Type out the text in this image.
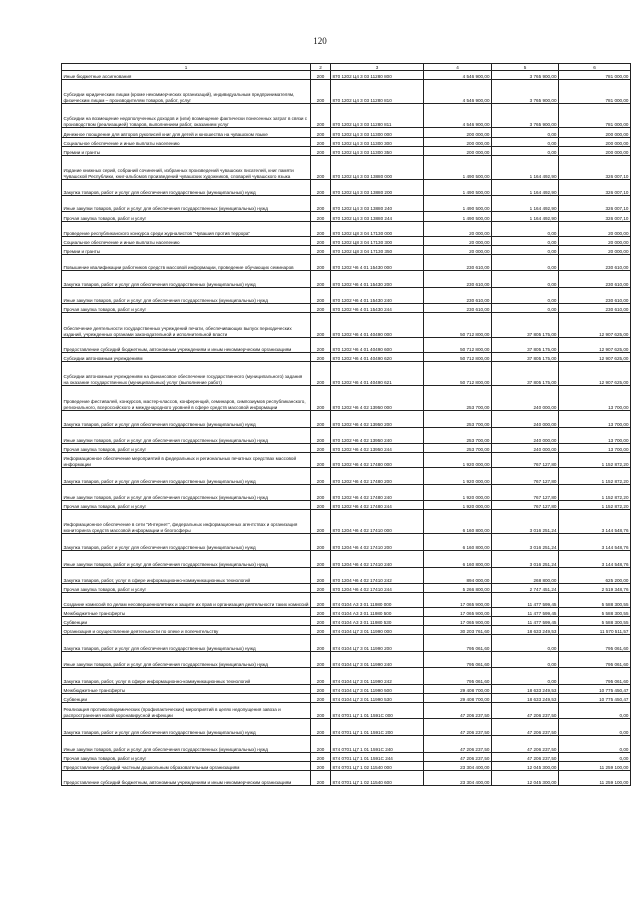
120
1	2	3	4	5	6
Иные бюджетные ассигнования	200	870 1202 Ц4 3 03 11280 800	4 546 900,00	3 765 900,00	781 000,00
Субсидии юридическим лицам (кроме некоммерческих организаций), индивидуальным предпринимателям, физическим лицам – производителям товаров, работ, услуг	200	870 1202 Ц4 3 03 11280 810	4 546 900,00	3 765 900,00	781 000,00
Субсидии на возмещение недополученных доходов и (или) возмещение фактически понесенных затрат в связи с производством (реализацией) товаров, выполнением работ, оказанием услуг	200	870 1202 Ц4 3 03 11280 811	4 546 900,00	3 765 900,00	781 000,00
Денежное поощрение для авторов рукописей книг для детей и юношества на чувашском языке	200	870 1202 Ц4 3 03 11300 000	200 000,00	0,00	200 000,00
Социальное обеспечение и иные выплаты населению	200	870 1202 Ц4 3 03 11300 300	200 000,00	0,00	200 000,00
Премии и гранты	200	870 1202 Ц4 3 03 11300 350	200 000,00	0,00	200 000,00
Издание книжных серий, собраний сочинений, избранных произведений чувашских писателей, книг памяти Чувашской Республики, книг-альбомов произведений чувашских художников, словарей чувашского языка	200	870 1202 Ц4 3 03 13880 000	1 490 500,00	1 164 492,90	326 007,10
Закупка товаров, работ и услуг для обеспечения государственных (муниципальных) нужд	200	870 1202 Ц4 3 03 13880 200	1 490 500,00	1 164 492,90	326 007,10
Иные закупки товаров, работ и услуг для обеспечения государственных (муниципальных) нужд	200	870 1202 Ц4 3 03 13880 240	1 490 500,00	1 164 492,90	326 007,10
Прочая закупка товаров, работ и услуг	200	870 1202 Ц4 3 03 13880 244	1 490 500,00	1 164 492,90	326 007,10
Проведение республиканского конкурса среди журналистов "Чувашия против террора"	200	870 1202 Ц8 3 04 17130 000	20 000,00	0,00	20 000,00
Социальное обеспечение и иные выплаты населению	200	870 1202 Ц8 3 04 17130 300	20 000,00	0,00	20 000,00
Премии и гранты	200	870 1202 Ц8 3 04 17130 350	20 000,00	0,00	20 000,00
Повышение квалификации работников средств массовой информации, проведение обучающих семинаров	200	870 1202 Ч6 4 01 15430 000	230 610,00	0,00	230 610,00
Закупка товаров, работ и услуг для обеспечения государственных (муниципальных) нужд	200	870 1202 Ч6 4 01 15430 200	230 610,00	0,00	230 610,00
Иные закупки товаров, работ и услуг для обеспечения государственных (муниципальных) нужд	200	870 1202 Ч6 4 01 15430 240	230 610,00	0,00	230 610,00
Прочая закупка товаров, работ и услуг	200	870 1202 Ч6 4 01 15430 244	230 610,00	0,00	230 610,00
Обеспечение деятельности государственных учреждений печати, обеспечивающих выпуск периодических изданий, учрежденных органами законодательной и исполнительной власти	200	870 1202 Ч6 4 01 40490 000	50 712 800,00	37 805 175,00	12 907 625,00
Предоставление субсидий бюджетным, автономным учреждениям и иным некоммерческим организациям	200	870 1202 Ч6 4 01 40490 600	50 712 800,00	37 805 175,00	12 907 625,00
Субсидии автономным учреждениям	200	870 1202 Ч6 4 01 40490 620	50 712 800,00	37 805 175,00	12 907 625,00
Субсидии автономным учреждениям на финансовое обеспечение государственного (муниципального) задания на оказание государственных (муниципальных) услуг (выполнение работ)	200	870 1202 Ч6 4 01 40490 621	50 712 800,00	37 805 175,00	12 907 625,00
Проведение фестивалей, конкурсов, мастер-классов, конференций, семинаров, симпозиумов республиканского, регионального, всероссийского и международного уровней в сфере средств массовой информации	200	870 1202 Ч6 4 02 13950 000	253 700,00	240 000,00	13 700,00
Закупка товаров, работ и услуг для обеспечения государственных (муниципальных) нужд	200	870 1202 Ч6 4 02 13950 200	253 700,00	240 000,00	13 700,00
Иные закупки товаров, работ и услуг для обеспечения государственных (муниципальных) нужд	200	870 1202 Ч6 4 02 13950 240	253 700,00	240 000,00	13 700,00
Прочая закупка товаров, работ и услуг	200	870 1202 Ч6 4 02 13950 244	253 700,00	240 000,00	13 700,00
Информационное обеспечение мероприятий в федеральных и региональных печатных средствах массовой информации	200	870 1202 Ч6 4 02 17480 000	1 920 000,00	767 127,80	1 152 872,20
Закупка товаров, работ и услуг для обеспечения государственных (муниципальных) нужд	200	870 1202 Ч6 4 02 17480 200	1 920 000,00	767 127,80	1 152 872,20
Иные закупки товаров, работ и услуг для обеспечения государственных (муниципальных) нужд	200	870 1202 Ч6 4 02 17480 240	1 920 000,00	767 127,80	1 152 872,20
Прочая закупка товаров, работ и услуг	200	870 1202 Ч6 4 02 17480 244	1 920 000,00	767 127,80	1 152 872,20
Информационное обеспечение в сети "Интернет", федеральных информационных агентствах и организация мониторинга средств массовой информации и блогосферы	200	870 1204 Ч6 4 02 17410 000	6 160 800,00	3 016 251,24	3 144 548,76
Закупка товаров, работ и услуг для обеспечения государственных (муниципальных) нужд	200	870 1204 Ч6 4 02 17410 200	6 160 800,00	3 016 251,24	3 144 548,76
Иные закупки товаров, работ и услуг для обеспечения государственных (муниципальных) нужд	200	870 1204 Ч6 4 02 17410 240	6 160 800,00	3 016 251,24	3 144 548,76
Закупка товаров, работ, услуг в сфере информационно-коммуникационных технологий	200	870 1204 Ч6 4 02 17410 242	894 000,00	268 800,00	625 200,00
Прочая закупка товаров, работ и услуг	200	870 1204 Ч6 4 02 17410 244	5 266 800,00	2 747 451,24	2 519 348,76
Создание комиссий по делам несовершеннолетних и защите их прав и организация деятельности таких комиссий	200	874 0104 А3 3 01 11980 000	17 065 900,00	11 477 599,45	5 588 300,55
Межбюджетные трансферты	200	874 0104 А3 3 01 11980 500	17 065 900,00	11 477 599,45	5 588 300,55
Субвенции	200	874 0104 А3 3 01 11980 530	17 065 900,00	11 477 599,45	5 588 300,55
Организация и осуществление деятельности по опеке и попечительству	200	874 0104 Ц7 3 01 11990 000	30 203 761,60	18 633 249,53	11 570 511,57
Закупка товаров, работ и услуг для обеспечения государственных (муниципальных) нужд	200	874 0104 Ц7 3 01 11990 200	795 061,60	0,00	795 061,60
Иные закупки товаров, работ и услуг для обеспечения государственных (муниципальных) нужд	200	874 0104 Ц7 3 01 11990 240	795 061,60	0,00	795 061,60
Закупка товаров, работ, услуг в сфере информационно-коммуникационных технологий	200	874 0104 Ц7 3 01 11990 242	795 061,60	0,00	795 061,60
Межбюджетные трансферты	200	874 0104 Ц7 3 01 11990 500	29 408 700,00	18 633 249,53	10 775 450,47
Субвенции	200	874 0104 Ц7 3 01 11990 530	29 408 700,00	18 633 249,53	10 775 450,47
Реализация противоэпидемических (профилактических) мероприятий в целях недопущения завоза и распространения новой коронавирусной инфекции	200	874 0701 Ц7 1 01 1591С 000	47 206 237,50	47 206 237,50	0,00
Закупка товаров, работ и услуг для обеспечения государственных (муниципальных) нужд	200	874 0701 Ц7 1 01 1591С 200	47 206 237,50	47 206 237,50	0,00
Иные закупки товаров, работ и услуг для обеспечения государственных (муниципальных) нужд	200	874 0701 Ц7 1 01 1591С 240	47 206 237,50	47 206 237,50	0,00
Прочая закупка товаров, работ и услуг	200	874 0701 Ц7 1 01 1591С 244	47 206 237,50	47 206 237,50	0,00
Предоставление субсидий частным дошкольным образовательным организациям	200	874 0701 Ц7 1 02 11540 000	23 304 400,00	12 045 300,00	11 259 100,00
Предоставление субсидий бюджетным, автономным учреждениям и иным некоммерческим организациям	200	874 0701 Ц7 1 02 11540 600	23 304 400,00	12 045 300,00	11 259 100,00
